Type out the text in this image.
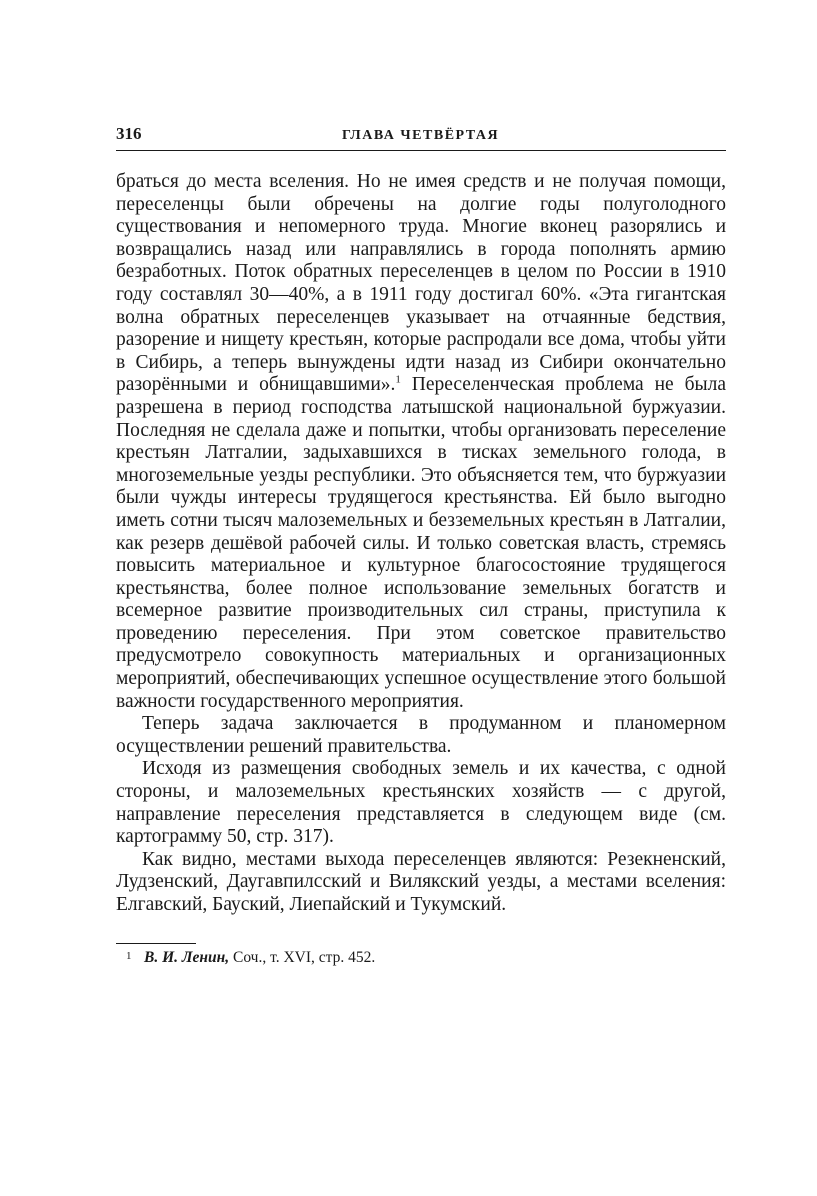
316	ГЛАВА ЧЕТВЁРТАЯ

браться до места вселения. Но не имея средств и не получая помощи, переселенцы были обречены на долгие годы полуголодного существования и непомерного труда. Многие вконец разорялись и возвращались назад или направлялись в города пополнять армию безработных. Поток обратных переселенцев в целом по России в 1910 году составлял 30—40%, а в 1911 году достигал 60%. «Эта гигантская волна обратных переселенцев указывает на отчаянные бедствия, разорение и нищету крестьян, которые распродали все дома, чтобы уйти в Сибирь, а теперь вынуждены идти назад из Сибири окончательно разорёнными и обнищавшими».$^1$ Переселенческая проблема не была разрешена в период господства латышской национальной буржуазии. Последняя не сделала даже и попытки, чтобы организовать переселение крестьян Латгалии, задыхавшихся в тисках земельного голода, в многоземельные уезды республики. Это объясняется тем, что буржуазии были чужды интересы трудящегося крестьянства. Ей было выгодно иметь сотни тысяч малоземельных и безземельных крестьян в Латгалии, как резерв дешёвой рабочей силы. И только советская власть, стремясь повысить материальное и культурное благосостояние трудящегося крестьянства, более полное использование земельных богатств и всемерное развитие производительных сил страны, приступила к проведению переселения. При этом советское правительство предусмотрело совокупность материальных и организационных мероприятий, обеспечивающих успешное осуществление этого большой важности государственного мероприятия.

Теперь задача заключается в продуманном и планомерном осуществлении решений правительства.

Исходя из размещения свободных земель и их качества, с одной стороны, и малоземельных крестьянских хозяйств — с другой, направление переселения представляется в следующем виде (см. картограмму 50, стр. 317).

Как видно, местами выхода переселенцев являются: Резекненский, Лудзенский, Даугавпилсский и Вилякский уезды, а местами вселения: Елгавский, Бауский, Лиепайский и Тукумский.

1 В. И. Ленин, Соч., т. XVI, стр. 452.
